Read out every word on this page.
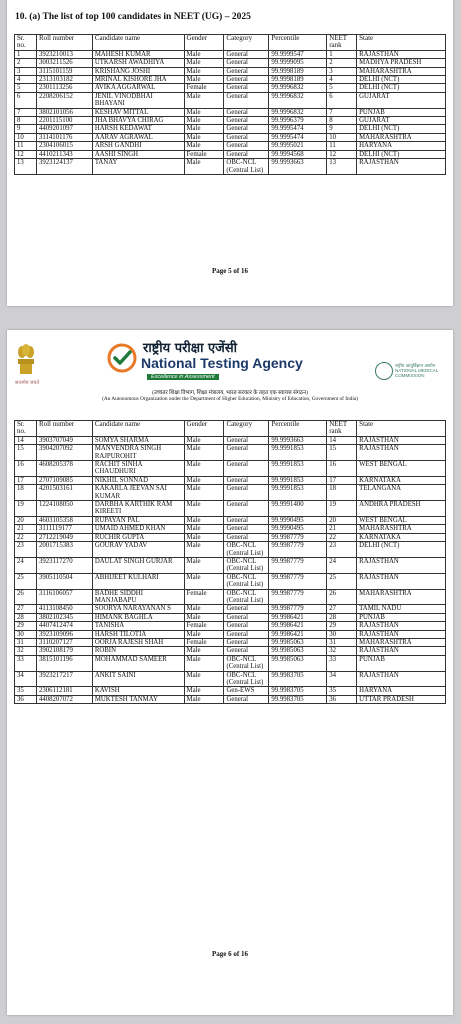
10. (a) The list of top 100 candidates in NEET (UG) – 2025
Sr. no.	Roll number	Candidate name	Gender	Category	Percentile	NEET rank	State
1	3923210013	MAHESH KUMAR	Male	General	99.9999547	1	RAJASTHAN
2	3003211526	UTKARSH AWADHIYA	Male	General	99.9999095	2	MADHYA PRADESH
3	3115101159	KRISHANG JOSHI	Male	General	99.9998189	3	MAHARASHTRA
4	2313103182	MRINAL KISHORE JHA	Male	General	99.9998189	4	DELHI (NCT)
5	2301113256	AVIKA AGGARWAL	Female	General	99.9996832	5	DELHI (NCT)
6	2208206152	JENIL VINODBHAI BHAYANI	Male	General	99.9996832	6	GUJARAT
7	3802101056	KESHAV MITTAL	Male	General	99.9996832	7	PUNJAB
8	2201115100	JHA BHAVYA CHIRAG	Male	General	99.9996379	8	GUJARAT
9	4409201097	HARSH KEDAWAT	Male	General	99.9995474	9	DELHI (NCT)
10	3114101176	AARAV AGRAWAL	Male	General	99.9995474	10	MAHARASHTRA
11	2304106015	ARSH GANDHI	Male	General	99.9995021	11	HARYANA
12	4410211343	AASHI SINGH	Female	General	99.9994568	12	DELHI (NCT)
13	3923124137	TANAY	Male	OBC-NCL (Central List)	99.9993663	13	RAJASTHAN
Page 5 of 16
सत्यमेव जयते
राष्ट्रीय परीक्षा एजेंसी
National Testing Agency
Excellence in Assessment
राष्ट्रीय आयुर्विज्ञान आयोग NATIONAL MEDICAL COMMISSION
(उच्चतर शिक्षा विभाग, शिक्षा मंत्रालय, भारत सरकार के तहत एक स्वायत्त संगठन)
(An Autonomous Organization under the Department of Higher Education, Ministry of Education, Government of India)
Sr. no.	Roll number	Candidate name	Gender	Category	Percentile	NEET rank	State
14	3903707049	SOMYA SHARMA	Male	General	99.9993663	14	RAJASTHAN
15	3904207092	MANVENDRA SINGH RAJPUROHIT	Male	General	99.9991853	15	RAJASTHAN
16	4608205378	RACHIT SINHA CHAUDHURI	Male	General	99.9991853	16	WEST BENGAL
17	2707109085	NIKHIL SONNAD	Male	General	99.9991853	17	KARNATAKA
18	4201503161	KAKARLA JEEVAN SAI KUMAR	Male	General	99.9991853	18	TELANGANA
19	1224108050	DARBHA KARTHIK RAM KIREETI	Male	General	99.9991400	19	ANDHRA PRADESH
20	4603105358	RUPAYAN PAL	Male	General	99.9990495	20	WEST BENGAL
21	3111119177	UMAID AHMED KHAN	Male	General	99.9990495	21	MAHARASHTRA
22	2712219049	RUCHIR GUPTA	Male	General	99.9987779	22	KARNATAKA
23	2001715383	GOURAV YADAV	Male	OBC-NCL (Central List)	99.9987779	23	DELHI (NCT)
24	3923117270	DAULAT SINGH GURJAR	Male	OBC-NCL (Central List)	99.9987779	24	RAJASTHAN
25	3905110504	ABHIJEET KULHARI	Male	OBC-NCL (Central List)	99.9987779	25	RAJASTHAN
26	3116106057	BADHE SIDDHI MANJABAPU	Female	OBC-NCL (Central List)	99.9987779	26	MAHARASHTRA
27	4113108450	SOORYA NARAYANAN S	Male	General	99.9987779	27	TAMIL NADU
28	3802102345	HIMANK BAGHLA	Male	General	99.9986421	28	PUNJAB
29	4407412474	TANISHA	Female	General	99.9986421	29	RAJASTHAN
30	3923109096	HARSH TILOTIA	Male	General	99.9986421	30	RAJASTHAN
31	3110207127	OORJA RAJESH SHAH	Female	General	99.9985063	31	MAHARASHTRA
32	3902108179	ROBIN	Male	General	99.9985063	32	RAJASTHAN
33	3815101196	MOHAMMAD SAMEER	Male	OBC-NCL (Central List)	99.9985063	33	PUNJAB
34	3923217217	ANKIT SAINI	Male	OBC-NCL (Central List)	99.9983705	34	RAJASTHAN
35	2306112181	KAVISH	Male	Gen-EWS	99.9983705	35	HARYANA
36	4408207072	MUKTESH TANMAY	Male	General	99.9983705	36	UTTAR PRADESH
Page 6 of 16
